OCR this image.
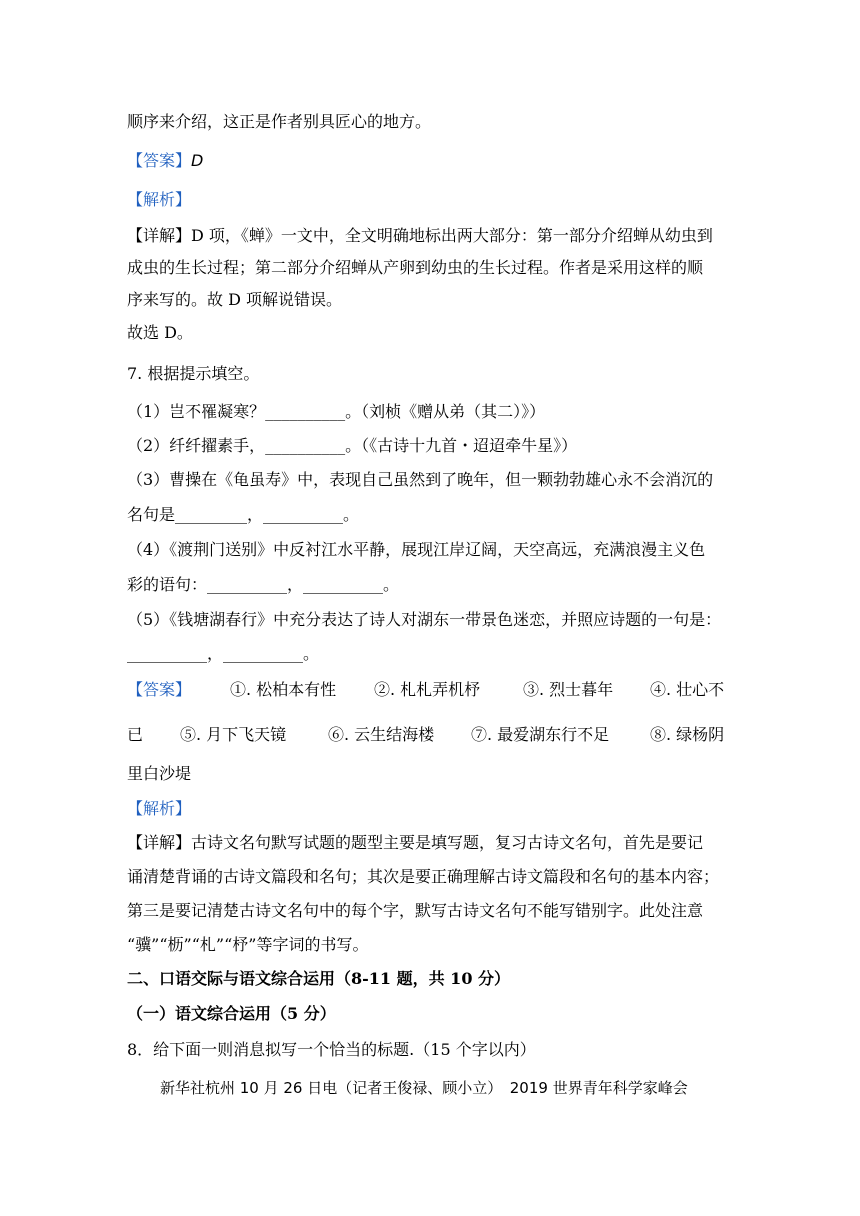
顺序来介绍，这正是作者别具匠心的地方。
【答案】D
【解析】
【详解】D 项，《蝉》一文中，全文明确地标出两大部分：第一部分介绍蝉从幼虫到
成虫的生长过程；第二部分介绍蝉从产卵到幼虫的生长过程。作者是采用这样的顺
序来写的。故 D 项解说错误。
故选 D。
7. 根据提示填空。
（1）岂不罹凝寒？__________。（刘桢《赠从弟（其二）》）
（2）纤纤擢素手，__________。（《古诗十九首・迢迢牵牛星》）
（3）曹操在《龟虽寿》中，表现自己虽然到了晚年，但一颗勃勃雄心永不会消沉的
名句是_________，__________。
（4）《渡荆门送别》中反衬江水平静，展现江岸辽阔，天空高远，充满浪漫主义色
彩的语句：__________，__________。
（5）《钱塘湖春行》中充分表达了诗人对湖东一带景色迷恋，并照应诗题的一句是：
__________，__________。
【答案】 ①. 松柏本有性 ②. 札札弄机杼	③. 烈士暮年 ④. 壮心不
已 ⑤. 月下飞天镜	⑥. 云生结海楼 ⑦. 最爱湖东行不足	⑧. 绿杨阴
里白沙堤
【解析】
【详解】古诗文名句默写试题的题型主要是填写题，复习古诗文名句，首先是要记
诵清楚背诵的古诗文篇段和名句；其次是要正确理解古诗文篇段和名句的基本内容；
第三是要记清楚古诗文名句中的每个字，默写古诗文名句不能写错别字。此处注意
“骥”“枥”“札”“杼”等字词的书写。
二、口语交际与语文综合运用（8-11 题，共 10 分）
（一）语文综合运用（5 分）
8．给下面一则消息拟写一个恰当的标题.（15 个字以内）
新华社杭州 10 月 26 日电（记者王俊禄、顾小立）　2019 世界青年科学家峰会
